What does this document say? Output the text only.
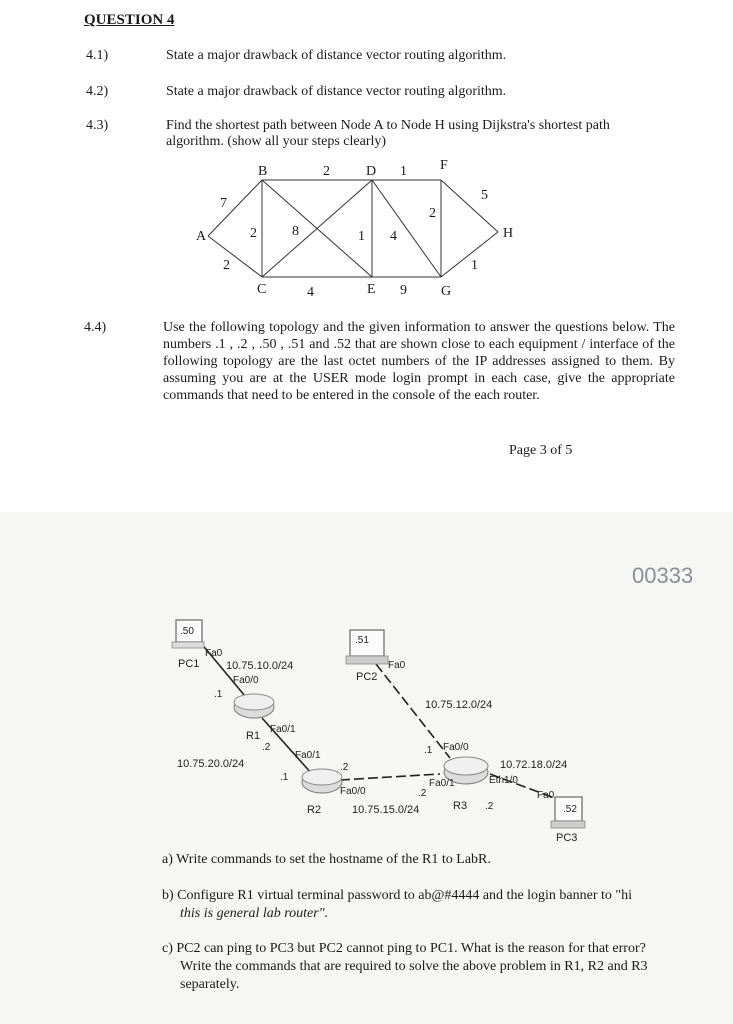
QUESTION 4
4.1)	State a major drawback of distance vector routing algorithm.
4.2)	State a major drawback of distance vector routing algorithm.
4.3)	Find the shortest path between Node A to Node H using Dijkstra's shortest path
algorithm. (show all your steps clearly)
B	D	F
A	H
C	E	G
7
2
2
2
8
4
1
1
4
2
9
5
1
4.4)	Use the following topology and the given information to answer the questions below. The numbers .1 , .2 , .50 , .51 and .52 that are shown close to each equipment / interface of the following topology are the last octet numbers of the IP addresses assigned to them. By assuming you are at the USER mode login prompt in each case, give the appropriate commands that need to be entered in the console of the each router.
Page 3 of 5
00333
.50
Fa0
PC1 10.75.10.0/24
Fa0/0
.1
R1
Fa0/1
.2
.51
Fa0
PC2
10.75.12.0/24
10.75.20.0/24
Fa0/1
.1
.2
Fa0/0
R2	10.75.15.0/24
.1 Fa0/0
.2
Fa0/1	Eth1/0
10.72.18.0/24
R3 .2
Fa0
.52
PC3
a) Write commands to set the hostname of the R1 to LabR.
b) Configure R1 virtual terminal password to ab@#4444 and the login banner to "hi
this is general lab router".
c) PC2 can ping to PC3 but PC2 cannot ping to PC1. What is the reason for that error?
Write the commands that are required to solve the above problem in R1, R2 and R3
separately.
